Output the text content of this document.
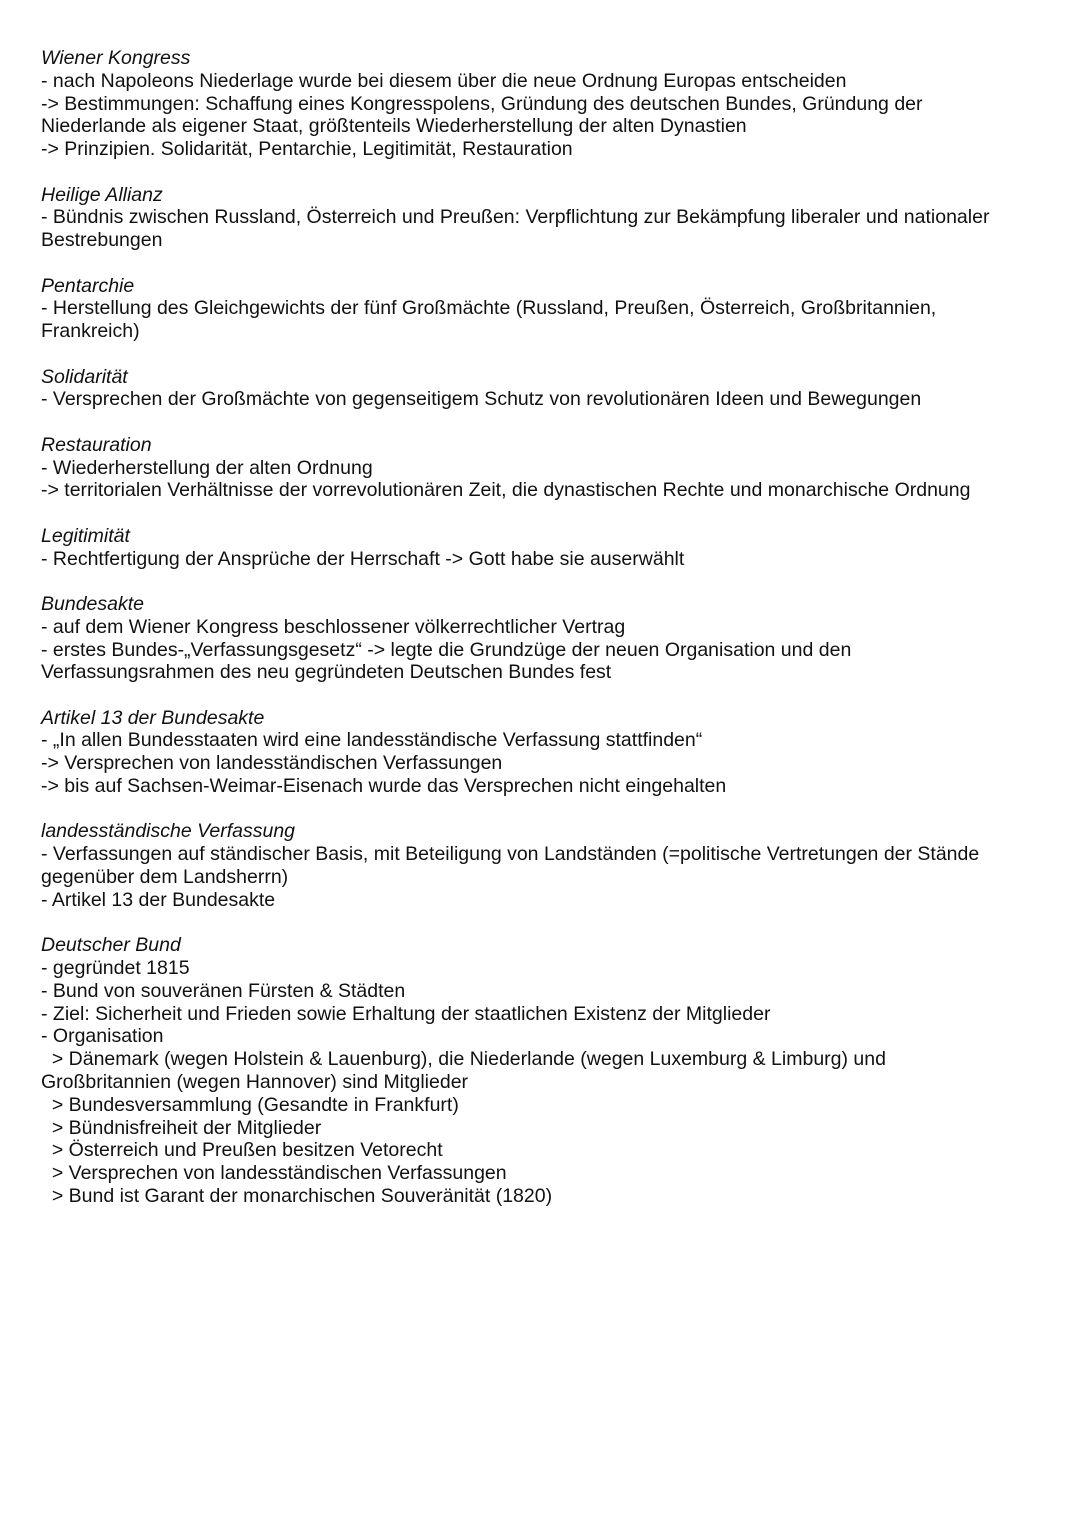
Wiener Kongress
- nach Napoleons Niederlage wurde bei diesem über die neue Ordnung Europas entscheiden
-> Bestimmungen: Schaffung eines Kongresspolens, Gründung des deutschen Bundes, Gründung der
Niederlande als eigener Staat, größtenteils Wiederherstellung der alten Dynastien
-> Prinzipien. Solidarität, Pentarchie, Legitimität, Restauration
Heilige Allianz
- Bündnis zwischen Russland, Österreich und Preußen: Verpflichtung zur Bekämpfung liberaler und nationaler
Bestrebungen
Pentarchie
- Herstellung des Gleichgewichts der fünf Großmächte (Russland, Preußen, Österreich, Großbritannien,
Frankreich)
Solidarität
- Versprechen der Großmächte von gegenseitigem Schutz von revolutionären Ideen und Bewegungen
Restauration
- Wiederherstellung der alten Ordnung
-> territorialen Verhältnisse der vorrevolutionären Zeit, die dynastischen Rechte und monarchische Ordnung
Legitimität
- Rechtfertigung der Ansprüche der Herrschaft -> Gott habe sie auserwählt
Bundesakte
- auf dem Wiener Kongress beschlossener völkerrechtlicher Vertrag
- erstes Bundes-„Verfassungsgesetz“ -> legte die Grundzüge der neuen Organisation und den
Verfassungsrahmen des neu gegründeten Deutschen Bundes fest
Artikel 13 der Bundesakte
- „In allen Bundesstaaten wird eine landesständische Verfassung stattfinden“
-> Versprechen von landesständischen Verfassungen
-> bis auf Sachsen-Weimar-Eisenach wurde das Versprechen nicht eingehalten
landesständische Verfassung
- Verfassungen auf ständischer Basis, mit Beteiligung von Landständen (=politische Vertretungen der Stände
gegenüber dem Landsherrn)
- Artikel 13 der Bundesakte
Deutscher Bund
- gegründet 1815
- Bund von souveränen Fürsten & Städten
- Ziel: Sicherheit und Frieden sowie Erhaltung der staatlichen Existenz der Mitglieder
- Organisation
> Dänemark (wegen Holstein & Lauenburg), die Niederlande (wegen Luxemburg & Limburg) und
Großbritannien (wegen Hannover) sind Mitglieder
> Bundesversammlung (Gesandte in Frankfurt)
> Bündnisfreiheit der Mitglieder
> Österreich und Preußen besitzen Vetorecht
> Versprechen von landesständischen Verfassungen
> Bund ist Garant der monarchischen Souveränität (1820)
